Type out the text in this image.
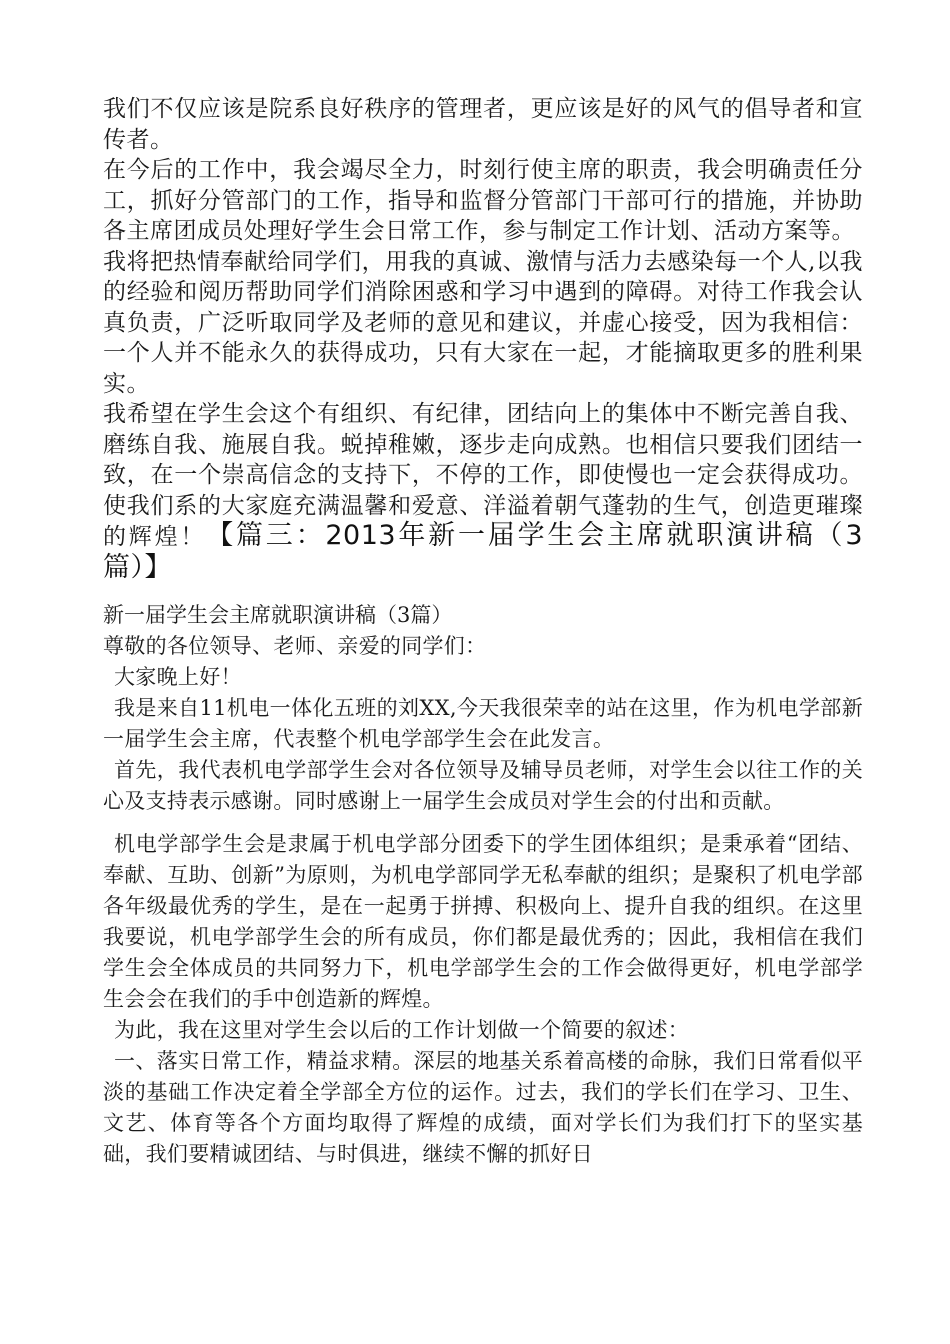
我们不仅应该是院系良好秩序的管理者，更应该是好的风气的倡导者和宣传者。

在今后的工作中，我会竭尽全力，时刻行使主席的职责，我会明确责任分工，抓好分管部门的工作，指导和监督分管部门干部可行的措施，并协助各主席团成员处理好学生会日常工作，参与制定工作计划、活动方案等。

我将把热情奉献给同学们，用我的真诚、激情与活力去感染每一个人,以我的经验和阅历帮助同学们消除困惑和学习中遇到的障碍。对待工作我会认真负责，广泛听取同学及老师的意见和建议，并虚心接受，因为我相信：一个人并不能永久的获得成功，只有大家在一起，才能摘取更多的胜利果实。

我希望在学生会这个有组织、有纪律，团结向上的集体中不断完善自我、磨练自我、施展自我。蜕掉稚嫩，逐步走向成熟。也相信只要我们团结一致，在一个崇高信念的支持下，不停的工作，即使慢也一定会获得成功。使我们系的大家庭充满温馨和爱意、洋溢着朝气蓬勃的生气，创造更璀璨的辉煌！【篇三：2013年新一届学生会主席就职演讲稿（3篇）】

新一届学生会主席就职演讲稿（3篇）

尊敬的各位领导、老师、亲爱的同学们：

大家晚上好！

我是来自11机电一体化五班的刘XX,今天我很荣幸的站在这里，作为机电学部新一届学生会主席，代表整个机电学部学生会在此发言。

首先，我代表机电学部学生会对各位领导及辅导员老师，对学生会以往工作的关心及支持表示感谢。同时感谢上一届学生会成员对学生会的付出和贡献。

机电学部学生会是隶属于机电学部分团委下的学生团体组织；是秉承着“团结、奉献、互助、创新”为原则，为机电学部同学无私奉献的组织；是聚积了机电学部各年级最优秀的学生，是在一起勇于拼搏、积极向上、提升自我的组织。在这里我要说，机电学部学生会的所有成员，你们都是最优秀的；因此，我相信在我们学生会全体成员的共同努力下，机电学部学生会的工作会做得更好，机电学部学生会会在我们的手中创造新的辉煌。

为此，我在这里对学生会以后的工作计划做一个简要的叙述：

一、落实日常工作，精益求精。深层的地基关系着高楼的命脉，我们日常看似平淡的基础工作决定着全学部全方位的运作。过去，我们的学长们在学习、卫生、文艺、体育等各个方面均取得了辉煌的成绩，面对学长们为我们打下的坚实基础，我们要精诚团结、与时俱进，继续不懈的抓好日
